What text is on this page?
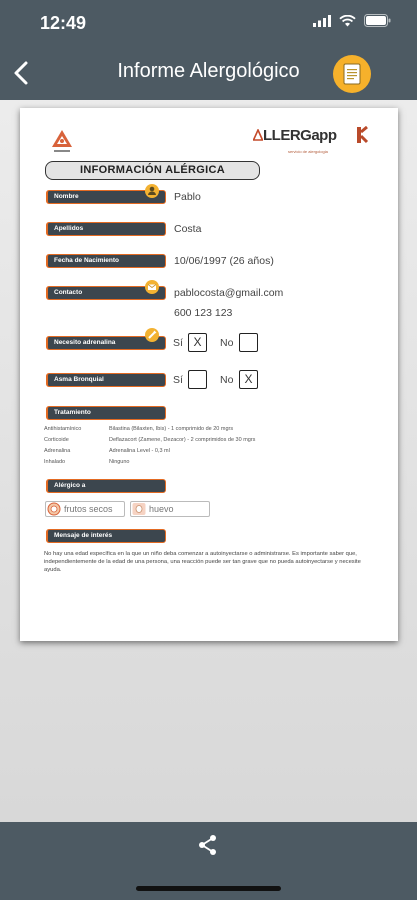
12:49
Informe Alergológico
LLERGapp
servicio de alergologia
INFORMACIÓN ALÉRGICA
Nombre	Pablo
Apellidos	Costa
Fecha de Nacimiento	10/06/1997 (26 años)
Contacto	pablocosta@gmail.com
600 123 123
Necesito adrenalina	Sí X	No
Asma Bronquial	Sí	No X
Tratamiento
Antihistamínico	Bilastina (Bilaxten, Ibis) - 1 comprimido de 20 mgrs
Corticoide	Deflazacort (Zamene, Dezacor) - 2 comprimidos de 30 mgrs
Adrenalina	Adrenalina Level - 0,3 ml
Inhalado	Ninguno
Alérgico a
frutos secos	huevo
Mensaje de interés
No hay una edad específica en la que un niño deba comenzar a autoinyectarse o administrarse. Es importante saber que, independientemente de la edad de una persona, una reacción puede ser tan grave que no pueda autoinyectarse y necesite ayuda.
